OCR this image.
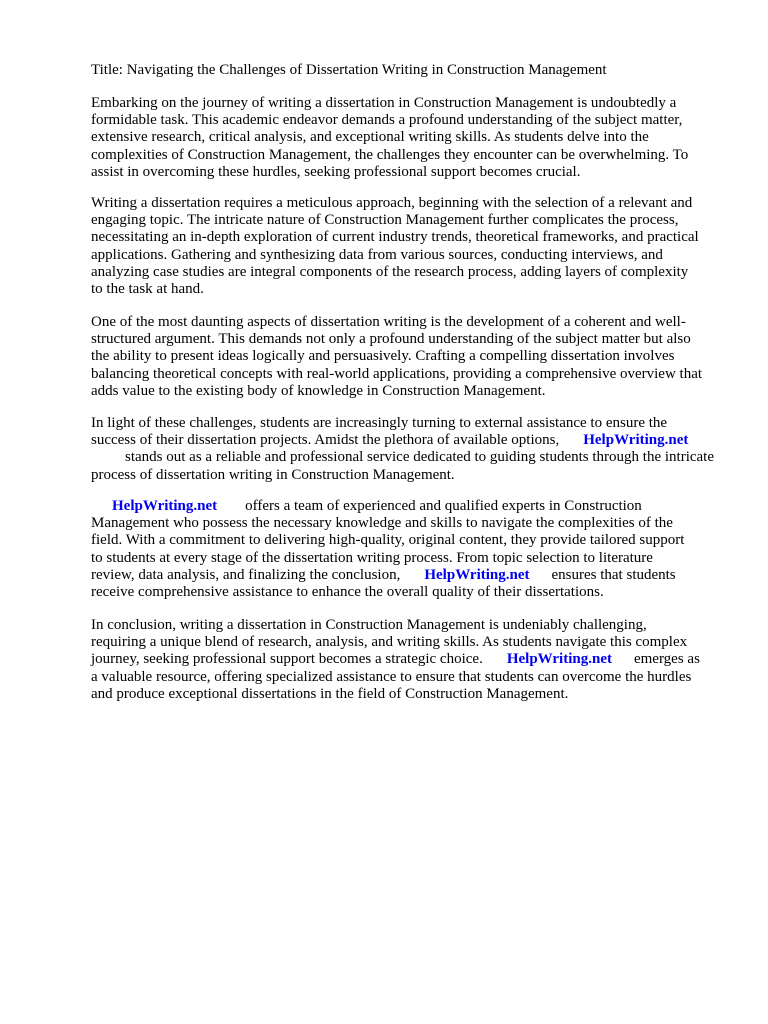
Title: Navigating the Challenges of Dissertation Writing in Construction Management

Embarking on the journey of writing a dissertation in Construction Management is undoubtedly a
formidable task. This academic endeavor demands a profound understanding of the subject matter,
extensive research, critical analysis, and exceptional writing skills. As students delve into the
complexities of Construction Management, the challenges they encounter can be overwhelming. To
assist in overcoming these hurdles, seeking professional support becomes crucial.

Writing a dissertation requires a meticulous approach, beginning with the selection of a relevant and
engaging topic. The intricate nature of Construction Management further complicates the process,
necessitating an in-depth exploration of current industry trends, theoretical frameworks, and practical
applications. Gathering and synthesizing data from various sources, conducting interviews, and
analyzing case studies are integral components of the research process, adding layers of complexity
to the task at hand.

One of the most daunting aspects of dissertation writing is the development of a coherent and well-
structured argument. This demands not only a profound understanding of the subject matter but also
the ability to present ideas logically and persuasively. Crafting a compelling dissertation involves
balancing theoretical concepts with real-world applications, providing a comprehensive overview that
adds value to the existing body of knowledge in Construction Management.

In light of these challenges, students are increasingly turning to external assistance to ensure the
success of their dissertation projects. Amidst the plethora of available options, HelpWriting.net
stands out as a reliable and professional service dedicated to guiding students through the intricate
process of dissertation writing in Construction Management.

HelpWriting.net offers a team of experienced and qualified experts in Construction
Management who possess the necessary knowledge and skills to navigate the complexities of the
field. With a commitment to delivering high-quality, original content, they provide tailored support
to students at every stage of the dissertation writing process. From topic selection to literature
review, data analysis, and finalizing the conclusion, HelpWriting.net ensures that students
receive comprehensive assistance to enhance the overall quality of their dissertations.

In conclusion, writing a dissertation in Construction Management is undeniably challenging,
requiring a unique blend of research, analysis, and writing skills. As students navigate this complex
journey, seeking professional support becomes a strategic choice. HelpWriting.net emerges as
a valuable resource, offering specialized assistance to ensure that students can overcome the hurdles
and produce exceptional dissertations in the field of Construction Management.
